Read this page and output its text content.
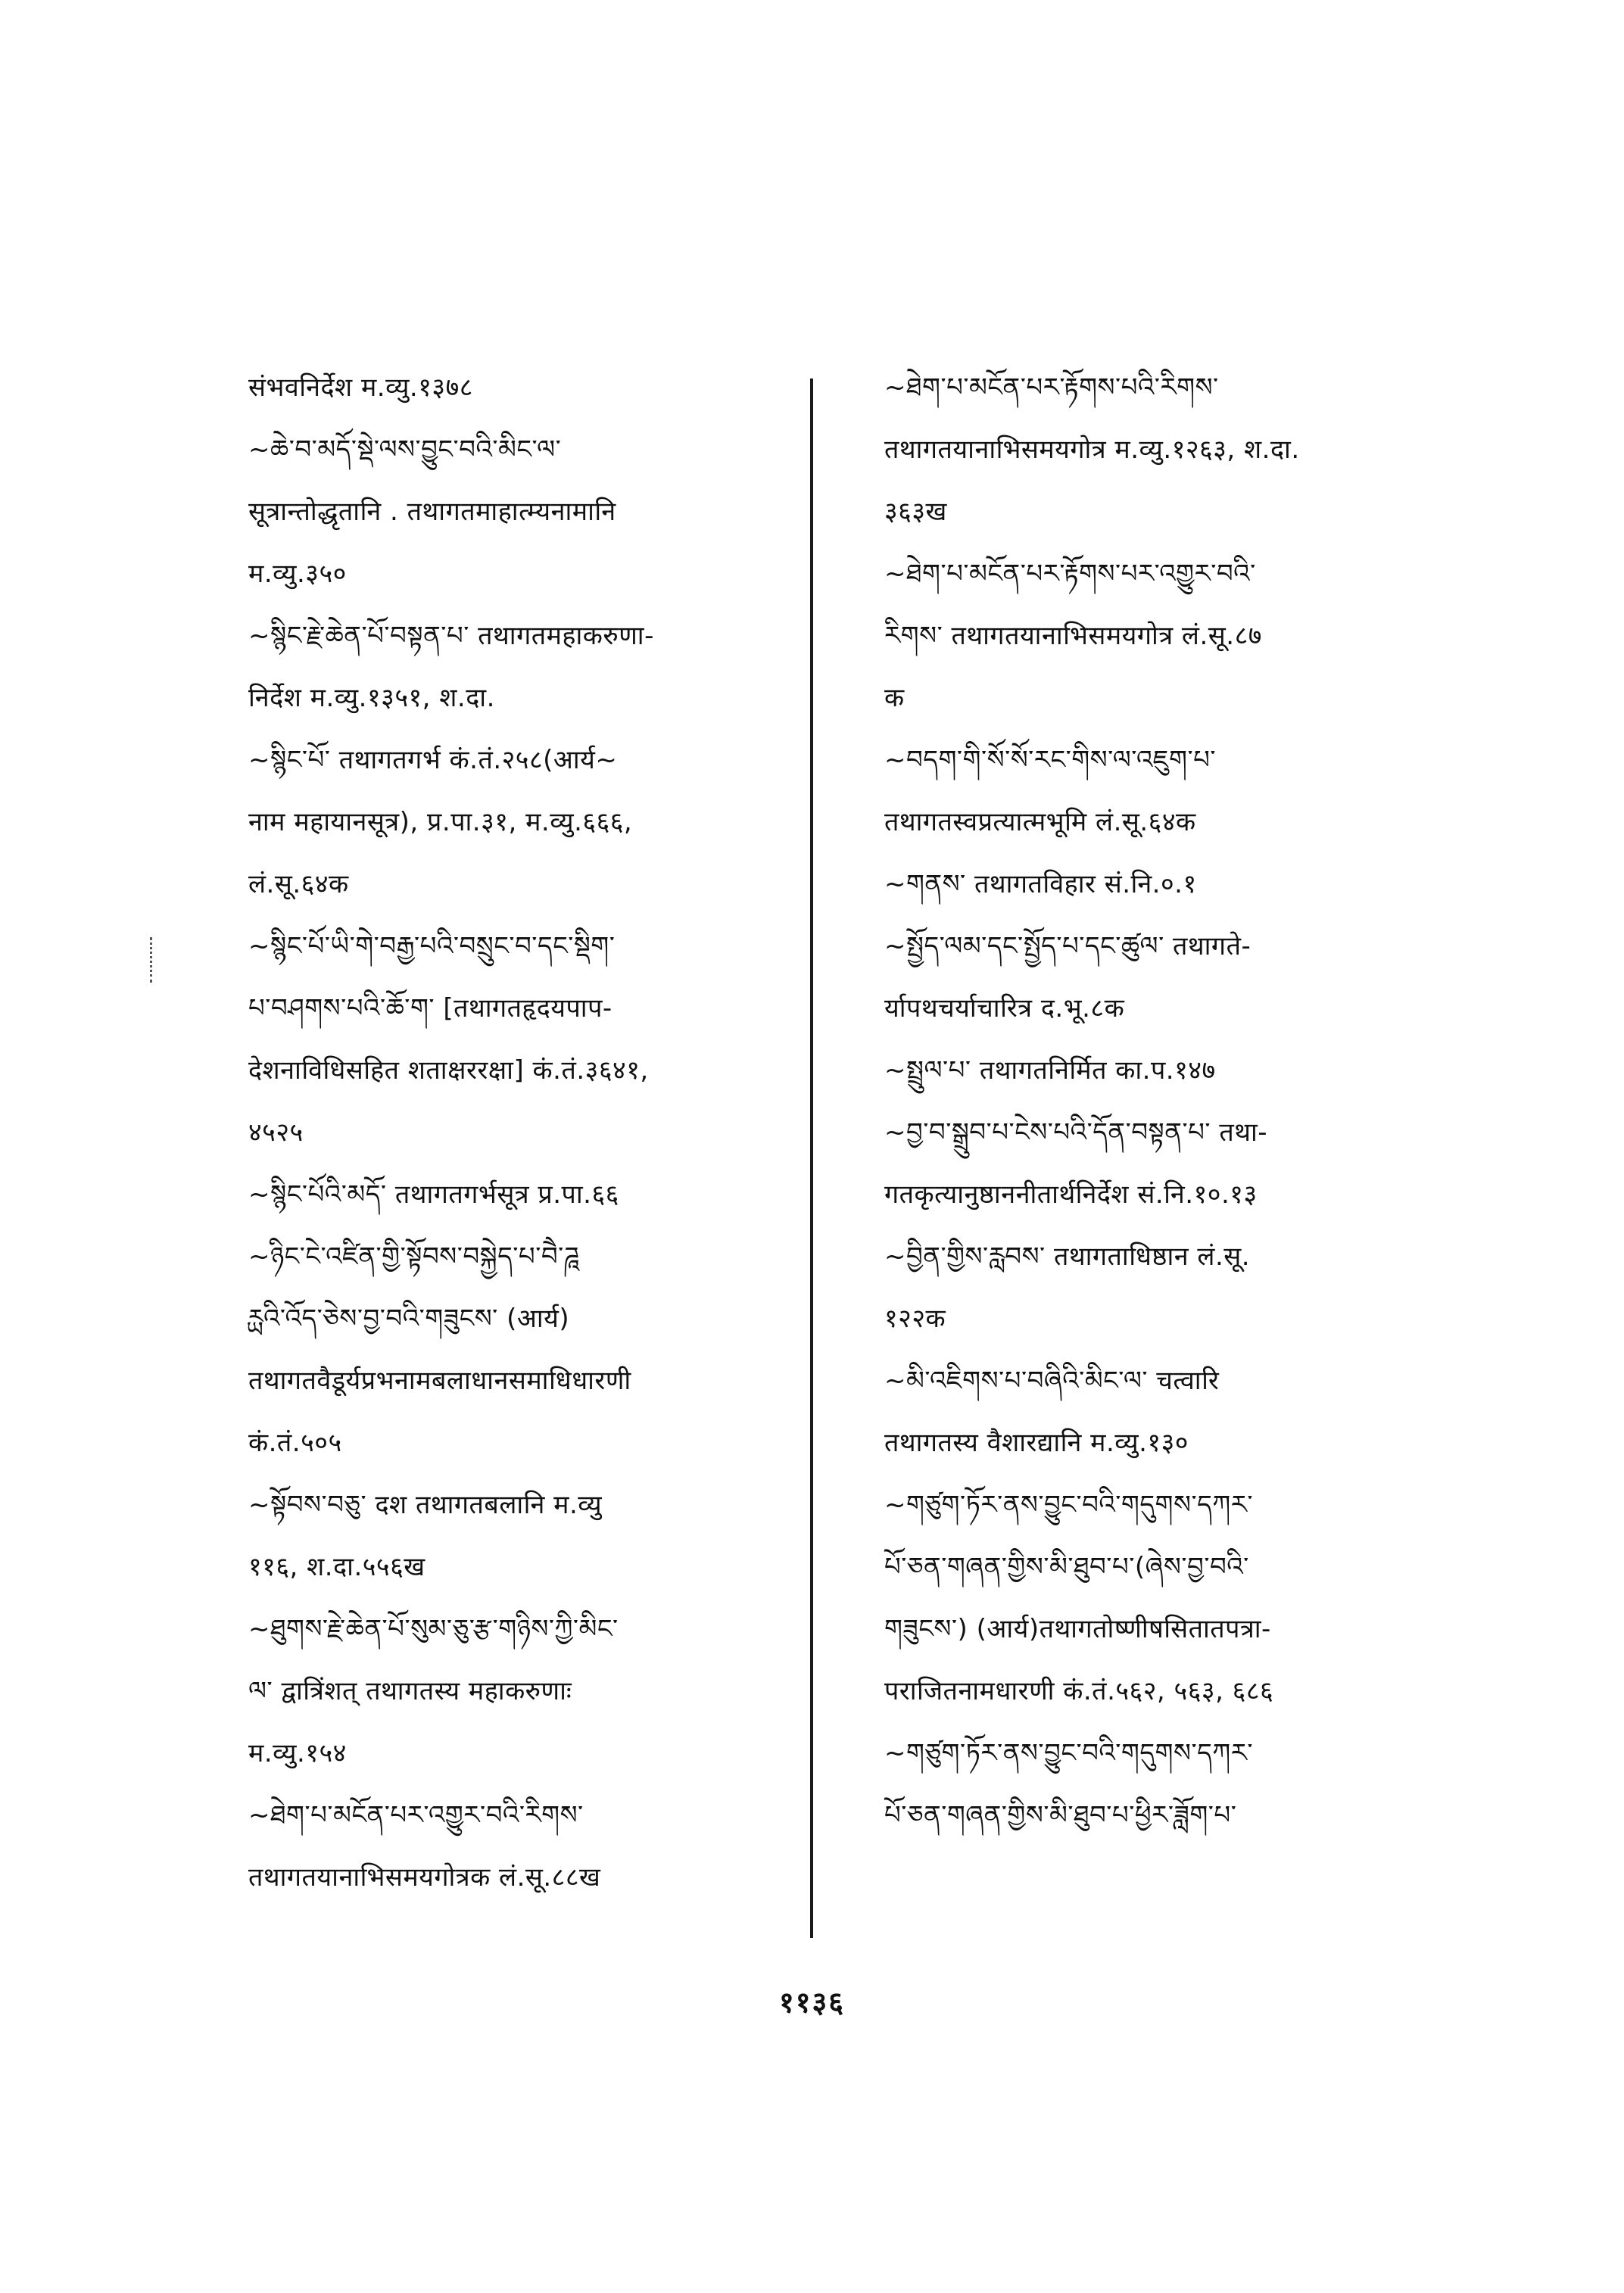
संभवनिर्देश म.व्यु.१३७८

~ཆེ་བ་མདོ་སྡེ་ལས་བྱུང་བའི་མིང་ལ་

सूत्रान्तोद्धृतानि . तथागतमाहात्म्यनामानि

म.व्यु.३५०

~སྙིང་རྗེ་ཆེན་པོ་བསྟན་པ་ तथागतमहाकरुणा-

निर्देश म.व्यु.१३५१, श.दा.

~སྙིང་པོ་ तथागतगर्भ कं.तं.२५८(आर्य~

नाम महायानसूत्र), प्र.पा.३१, म.व्यु.६६६,

लं.सू.६४क

~སྙིང་པོ་ཡི་གེ་བརྒྱ་པའི་བསྲུང་བ་དང་སྡིག་

པ་བཤགས་པའི་ཆོ་ག་ [तथागतहृदयपाप-

देशनाविधिसहित शताक्षररक्षा] कं.तं.३६४१,

४५२५

~སྙིང་པོའི་མདོ་ तथागतगर्भसूत्र प्र.पा.६६

~ཉིང་ངེ་འཛིན་གྱི་སྟོབས་བསྐྱེད་པ་བཻ་ཌཱ

ཪྻའི་འོད་ཅེས་བྱ་བའི་གཟུངས་ (आर्य)

तथागतवैडूर्यप्रभनामबलाधानसमाधिधारणी

कं.तं.५०५

~སྟོབས་བཅུ་ दश तथागतबलानि म.व्यु

११६, श.दा.५५६ख

~ཐུགས་རྗེ་ཆེན་པོ་སུམ་ཅུ་རྩ་གཉིས་ཀྱི་མིང་

ལ་ द्वात्रिंशत् तथागतस्य महाकरुणाः

म.व्यु.१५४

~ཐེག་པ་མངོན་པར་འགྱུར་བའི་རིགས་

तथागतयानाभिसमयगोत्रक लं.सू.८८ख

~ཐེག་པ་མངོན་པར་རྟོགས་པའི་རིགས་

तथागतयानाभिसमयगोत्र म.व्यु.१२६३, श.दा.

३६३ख

~ཐེག་པ་མངོན་པར་རྟོགས་པར་འགྱུར་བའི་

རིགས་ तथागतयानाभिसमयगोत्र लं.सू.८७

क

~བདག་གི་སོ་སོ་རང་གིས་ལ་འཇུག་པ་

तथागतस्वप्रत्यात्मभूमि लं.सू.६४क

~གནས་ तथागतविहार सं.नि.०.१

~སྤྱོད་ལམ་དང་སྤྱོད་པ་དང་ཚུལ་ तथागते-

र्यापथचर्याचारित्र द.भू.८क

~སྤྲུལ་པ་ तथागतनिर्मित का.प.१४७

~བྱ་བ་སྒྲུབ་པ་ངེས་པའི་དོན་བསྟན་པ་ तथा-

गतकृत्यानुष्ठाननीतार्थनिर्देश सं.नि.१०.१३

~བྱིན་གྱིས་རླབས་ तथागताधिष्ठान लं.सू.

१२२क

~མི་འཇིགས་པ་བཞིའི་མིང་ལ་ चत्वारि

तथागतस्य वैशारद्यानि म.व्यु.१३०

~གཙུག་ཏོར་ནས་བྱུང་བའི་གདུགས་དཀར་

པོ་ཅན་གཞན་གྱིས་མི་ཐུབ་པ་(ཞེས་བྱ་བའི་

གཟུངས་) (आर्य)तथागतोष्णीषसितातपत्रा-

पराजितनामधारणी कं.तं.५६२, ५६३, ६८६

~གཙུག་ཏོར་ནས་བྱུང་བའི་གདུགས་དཀར་

པོ་ཅན་གཞན་གྱིས་མི་ཐུབ་པ་ཕྱིར་ཟློག་པ་

११३६
